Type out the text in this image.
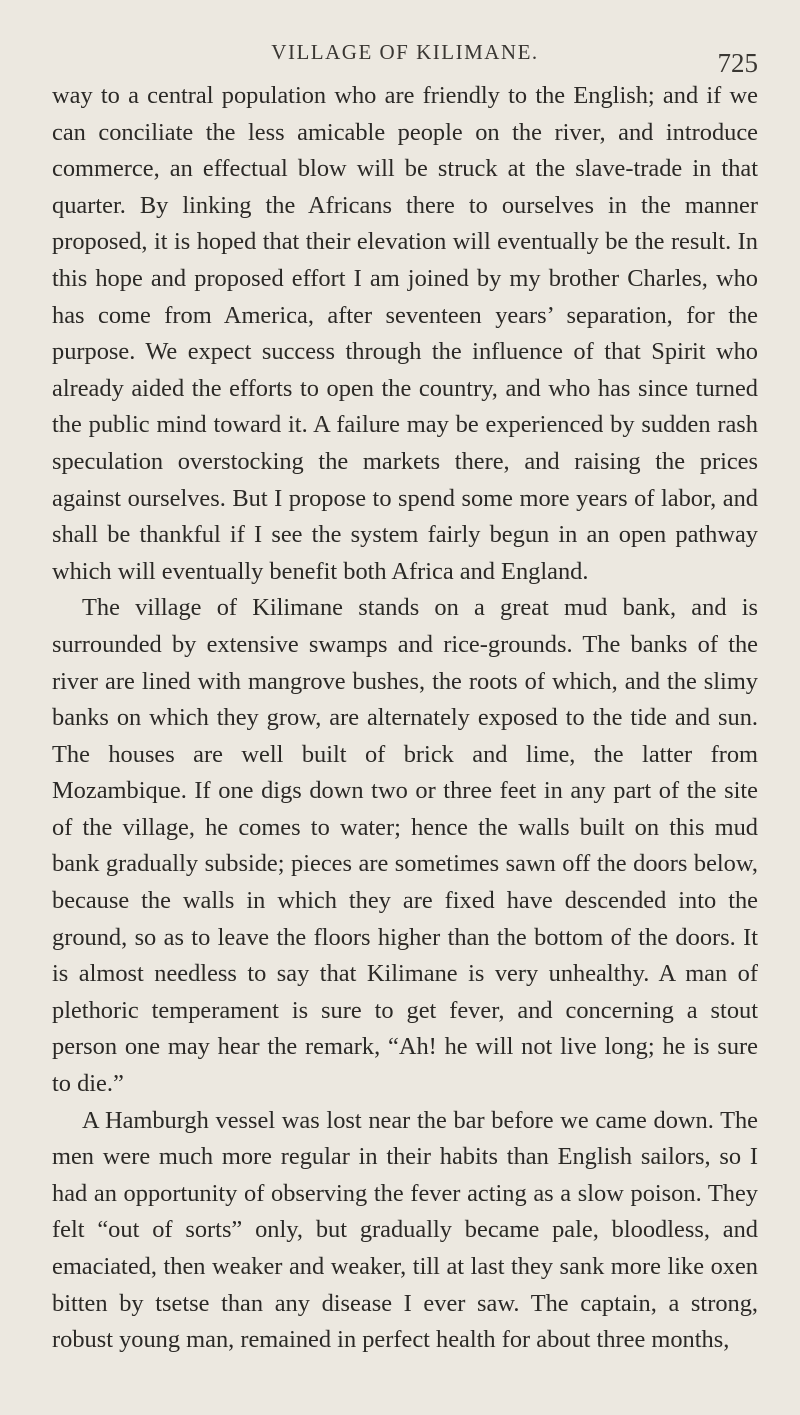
VILLAGE OF KILIMANE.	725

way to a central population who are friendly to the English; and if we can conciliate the less amicable people on the river, and introduce commerce, an effectual blow will be struck at the slave-trade in that quarter. By linking the Africans there to ourselves in the manner proposed, it is hoped that their elevation will eventually be the result. In this hope and proposed effort I am joined by my brother Charles, who has come from America, after seventeen years’ separation, for the purpose. We expect success through the influence of that Spirit who already aided the efforts to open the country, and who has since turned the public mind toward it. A failure may be experienced by sudden rash speculation overstocking the markets there, and raising the prices against ourselves. But I propose to spend some more years of labor, and shall be thankful if I see the system fairly begun in an open pathway which will eventually benefit both Africa and England.

The village of Kilimane stands on a great mud bank, and is surrounded by extensive swamps and rice-grounds. The banks of the river are lined with mangrove bushes, the roots of which, and the slimy banks on which they grow, are alternately exposed to the tide and sun. The houses are well built of brick and lime, the latter from Mozambique. If one digs down two or three feet in any part of the site of the village, he comes to water; hence the walls built on this mud bank gradually subside; pieces are sometimes sawn off the doors below, because the walls in which they are fixed have descended into the ground, so as to leave the floors higher than the bottom of the doors. It is almost needless to say that Kilimane is very unhealthy. A man of plethoric temperament is sure to get fever, and concerning a stout person one may hear the remark, “Ah! he will not live long; he is sure to die.”

A Hamburgh vessel was lost near the bar before we came down. The men were much more regular in their habits than English sailors, so I had an opportunity of observing the fever acting as a slow poison. They felt “out of sorts” only, but gradually became pale, bloodless, and emaciated, then weaker and weaker, till at last they sank more like oxen bitten by tsetse than any disease I ever saw. The captain, a strong, robust young man, remained in perfect health for about three months,
